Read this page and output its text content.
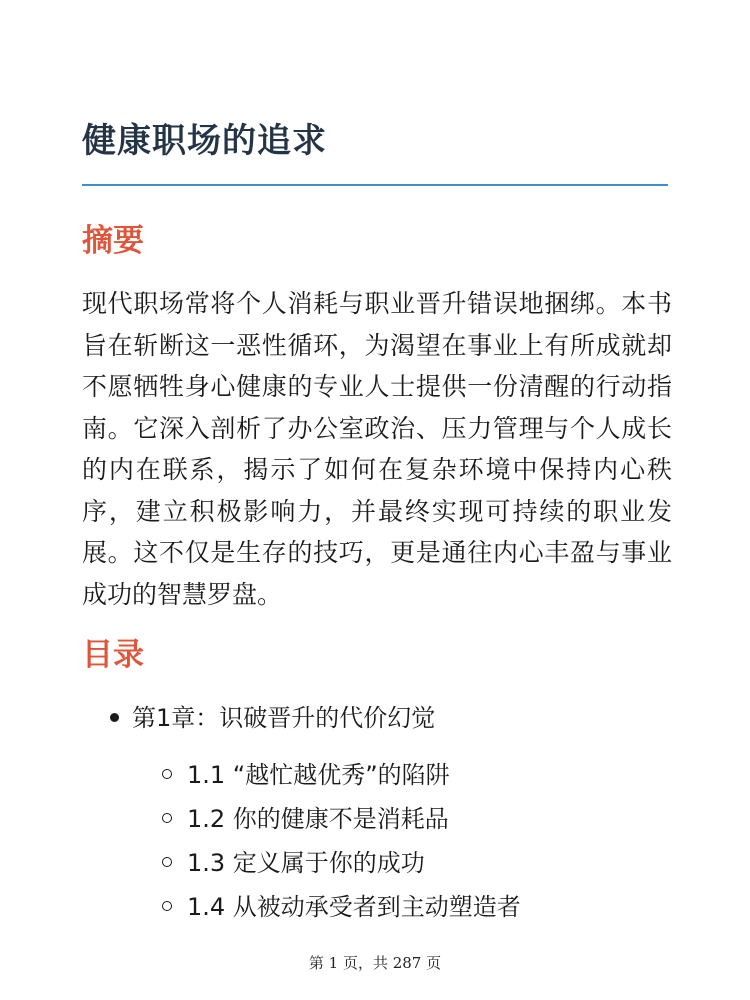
健康职场的追求
摘要

现代职场常将个人消耗与职业晋升错误地捆绑。本书旨在斩断这一恶性循环，为渴望在事业上有所成就却不愿牺牲身心健康的专业人士提供一份清醒的行动指南。它深入剖析了办公室政治、压力管理与个人成长的内在联系，揭示了如何在复杂环境中保持内心秩序，建立积极影响力，并最终实现可持续的职业发展。这不仅是生存的技巧，更是通往内心丰盈与事业成功的智慧罗盘。

目录
第1章：识破晋升的代价幻觉
1.1 “越忙越优秀”的陷阱
1.2 你的健康不是消耗品
1.3 定义属于你的成功
1.4 从被动承受者到主动塑造者
第 1 页，共 287 页
